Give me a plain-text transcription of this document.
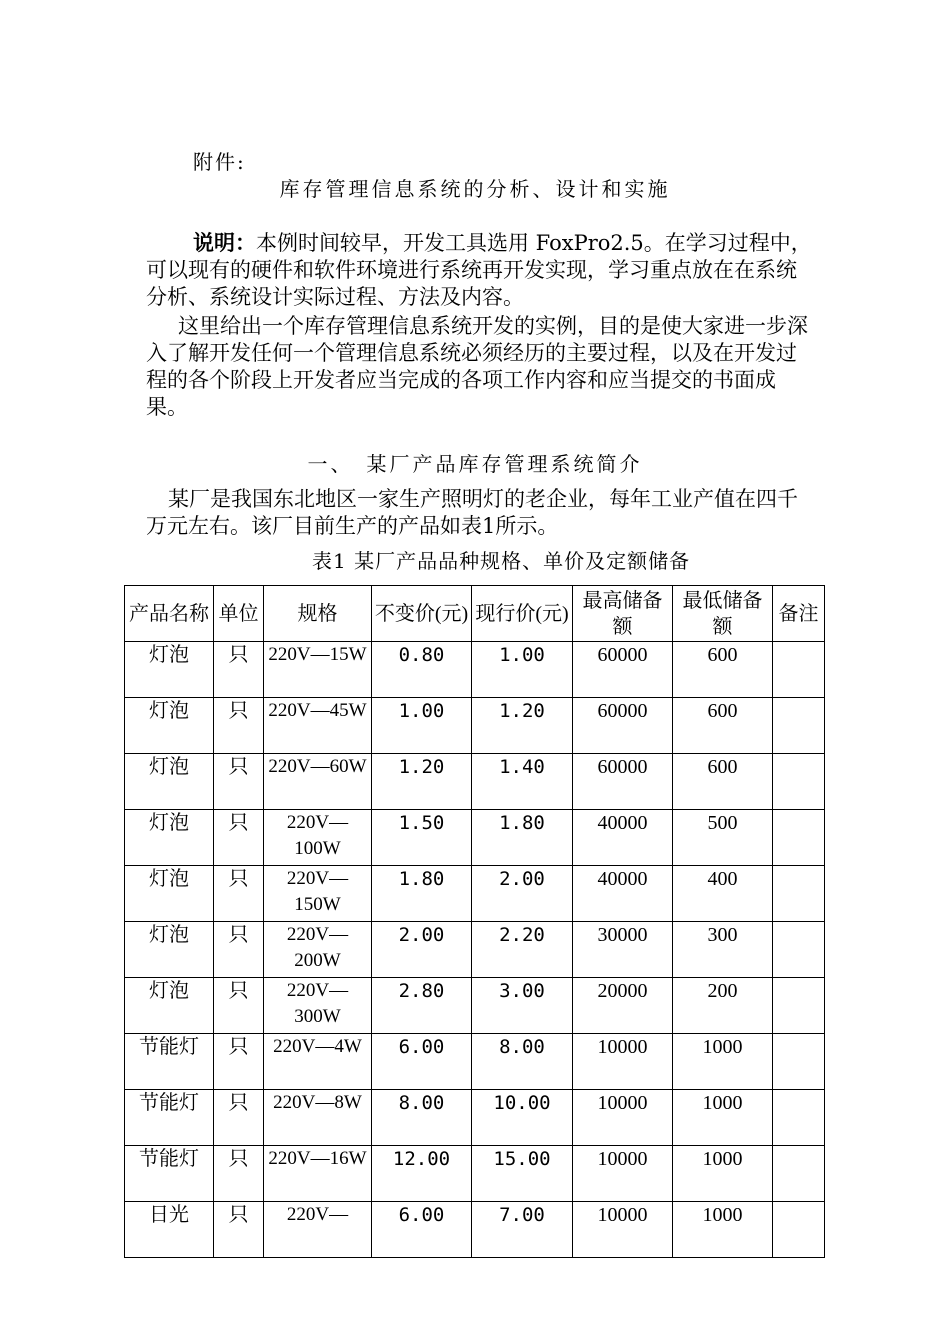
附件:
库存管理信息系统的分析、设计和实施
说明：本例时间较早，开发工具选用 FoxPro2.5。在学习过程中，可以现有的硬件和软件环境进行系统再开发实现，学习重点放在在系统分析、系统设计实际过程、方法及内容。
这里给出一个库存管理信息系统开发的实例，目的是使大家进一步深入了解开发任何一个管理信息系统必须经历的主要过程，以及在开发过程的各个阶段上开发者应当完成的各项工作内容和应当提交的书面成果。
一、　某厂产品库存管理系统简介
某厂是我国东北地区一家生产照明灯的老企业，每年工业产值在四千万元左右。该厂目前生产的产品如表1所示。
表1 某厂产品品种规格、单价及定额储备
产品名称	单位	规格	不变价(元)	现行价(元)	最高储备额	最低储备额	备注
灯泡	只	220V—15W	0.80	1.00	60000	600	
灯泡	只	220V—45W	1.00	1.20	60000	600	
灯泡	只	220V—60W	1.20	1.40	60000	600	
灯泡	只	220V—100W	1.50	1.80	40000	500	
灯泡	只	220V—150W	1.80	2.00	40000	400	
灯泡	只	220V—200W	2.00	2.20	30000	300	
灯泡	只	220V—300W	2.80	3.00	20000	200	
节能灯	只	220V—4W	6.00	8.00	10000	1000	
节能灯	只	220V—8W	8.00	10.00	10000	1000	
节能灯	只	220V—16W	12.00	15.00	10000	1000	
日光	只	220V—	6.00	7.00	10000	1000	
